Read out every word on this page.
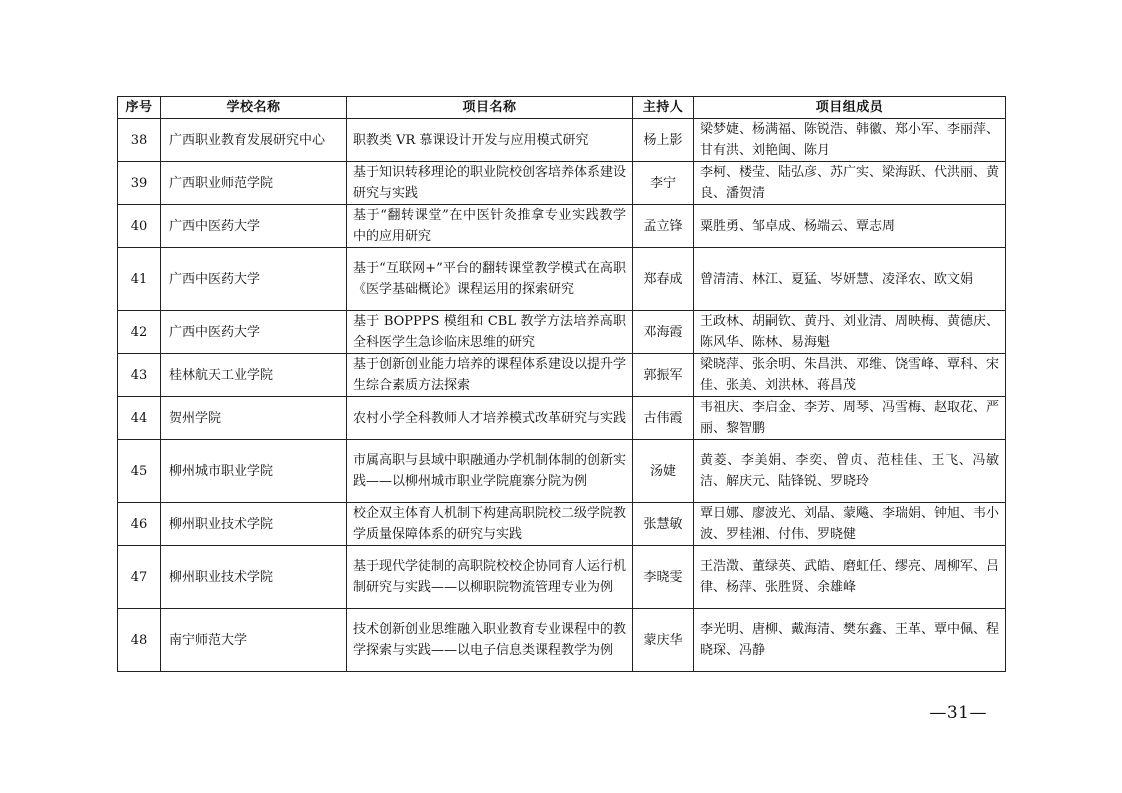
序号	学校名称	项目名称	主持人	项目组成员
38	广西职业教育发展研究中心	职教类 VR 慕课设计开发与应用模式研究	杨上影	梁梦婕、杨满福、陈锐浩、韩徽、郑小军、李丽萍、甘有洪、刘艳闽、陈月
39	广西职业师范学院	基于知识转移理论的职业院校创客培养体系建设研究与实践	李宁	李柯、楼莹、陆弘彦、苏广实、梁海跃、代洪丽、黄良、潘贺清
40	广西中医药大学	基于“翻转课堂”在中医针灸推拿专业实践教学中的应用研究	孟立锋	粟胜勇、邹卓成、杨端云、覃志周
41	广西中医药大学	基于“互联网+”平台的翻转课堂教学模式在高职《医学基础概论》课程运用的探索研究	郑春成	曾清清、林江、夏猛、岑妍慧、凌泽农、欧文娟
42	广西中医药大学	基于 BOPPPS 模组和 CBL 教学方法培养高职全科医学生急诊临床思维的研究	邓海霞	王政林、胡嗣钦、黄丹、刘业清、周映梅、黄德庆、陈风华、陈林、易海魁
43	桂林航天工业学院	基于创新创业能力培养的课程体系建设以提升学生综合素质方法探索	郭振军	梁晓萍、张余明、朱昌洪、邓维、饶雪峰、覃科、宋佳、张美、刘洪林、蒋昌茂
44	贺州学院	农村小学全科教师人才培养模式改革研究与实践	古伟霞	韦祖庆、李启金、李芳、周琴、冯雪梅、赵取花、严丽、黎智鹏
45	柳州城市职业学院	市属高职与县域中职融通办学机制体制的创新实践——以柳州城市职业学院鹿寨分院为例	汤婕	黄菱、李美娟、李奕、曾贞、范桂佳、王飞、冯敏洁、解庆元、陆锋锐、罗晓玲
46	柳州职业技术学院	校企双主体育人机制下构建高职院校二级学院教学质量保障体系的研究与实践	张慧敏	覃日娜、廖波光、刘晶、蒙飚、李瑞娟、钟旭、韦小波、罗桂湘、付伟、罗晓健
47	柳州职业技术学院	基于现代学徒制的高职院校校企协同育人运行机制研究与实践——以柳职院物流管理专业为例	李晓雯	王浩澂、董绿英、武皓、磨虹任、缪亮、周柳军、吕律、杨萍、张胜贤、余雄峰
48	南宁师范大学	技术创新创业思维融入职业教育专业课程中的教学探索与实践——以电子信息类课程教学为例	蒙庆华	李光明、唐柳、戴海清、樊东鑫、王革、覃中佩、程晓琛、冯静
—31—
